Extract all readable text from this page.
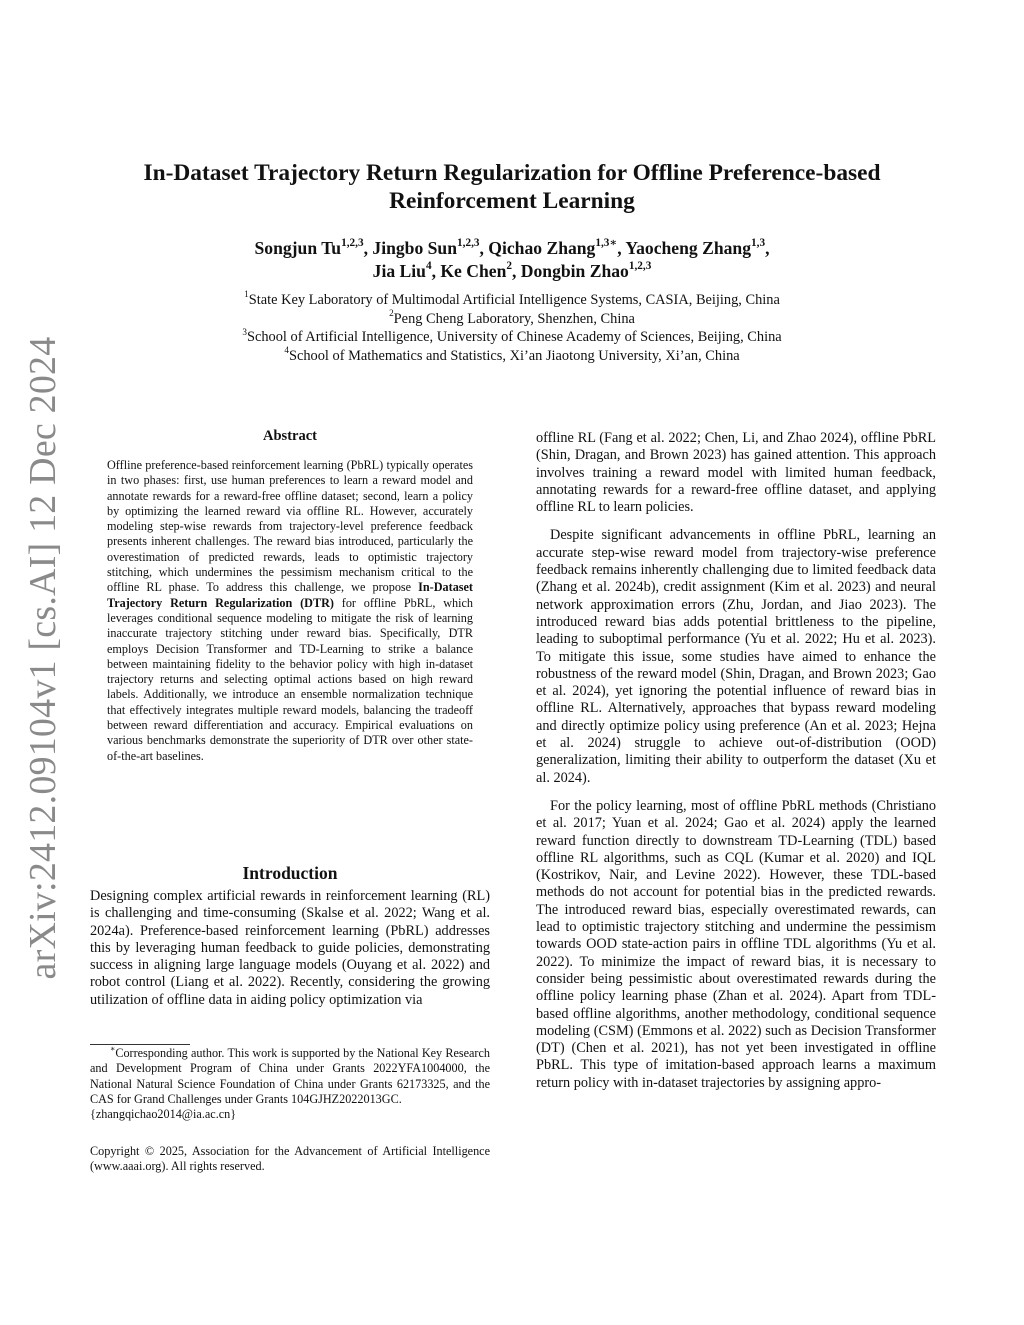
arXiv:2412.09104v1 [cs.AI] 12 Dec 2024
In-Dataset Trajectory Return Regularization for Offline Preference-based
Reinforcement Learning
Songjun Tu$^{1,2,3}$, Jingbo Sun$^{1,2,3}$, Qichao Zhang$^{1,3∗}$, Yaocheng Zhang$^{1,3}$,
Jia Liu$^4$, Ke Chen$^2$, Dongbin Zhao$^{1,2,3}$
$^1$State Key Laboratory of Multimodal Artificial Intelligence Systems, CASIA, Beijing, China
$^2$Peng Cheng Laboratory, Shenzhen, China
$^3$School of Artificial Intelligence, University of Chinese Academy of Sciences, Beijing, China
$^4$School of Mathematics and Statistics, Xi’an Jiaotong University, Xi’an, China
Abstract
Offline preference-based reinforcement learning (PbRL) typically operates in two phases: first, use human preferences to learn a reward model and annotate rewards for a reward-free offline dataset; second, learn a policy by optimizing the learned reward via offline RL. However, accurately modeling step-wise rewards from trajectory-level preference feedback presents inherent challenges. The reward bias introduced, particularly the overestimation of predicted rewards, leads to optimistic trajectory stitching, which undermines the pessimism mechanism critical to the offline RL phase. To address this challenge, we propose In-Dataset Trajectory Return Regularization (DTR) for offline PbRL, which leverages conditional sequence modeling to mitigate the risk of learning inaccurate trajectory stitching under reward bias. Specifically, DTR employs Decision Transformer and TD-Learning to strike a balance between maintaining fidelity to the behavior policy with high in-dataset trajectory returns and selecting optimal actions based on high reward labels. Additionally, we introduce an ensemble normalization technique that effectively integrates multiple reward models, balancing the tradeoff between reward differentiation and accuracy. Empirical evaluations on various benchmarks demonstrate the superiority of DTR over other state-of-the-art baselines.
Introduction
Designing complex artificial rewards in reinforcement learning (RL) is challenging and time-consuming (Skalse et al. 2022; Wang et al. 2024a). Preference-based reinforcement learning (PbRL) addresses this by leveraging human feedback to guide policies, demonstrating success in aligning large language models (Ouyang et al. 2022) and robot control (Liang et al. 2022). Recently, considering the growing utilization of offline data in aiding policy optimization via

∗Corresponding author. This work is supported by the National Key Research and Development Program of China under Grants 2022YFA1004000, the National Natural Science Foundation of China under Grants 62173325, and the CAS for Grand Challenges under Grants 104GJHZ2022013GC.

{zhangqichao2014@ia.ac.cn}

Copyright © 2025, Association for the Advancement of Artificial Intelligence (www.aaai.org). All rights reserved.

offline RL (Fang et al. 2022; Chen, Li, and Zhao 2024), offline PbRL (Shin, Dragan, and Brown 2023) has gained attention. This approach involves training a reward model with limited human feedback, annotating rewards for a reward-free offline dataset, and applying offline RL to learn policies.

Despite significant advancements in offline PbRL, learning an accurate step-wise reward model from trajectory-wise preference feedback remains inherently challenging due to limited feedback data (Zhang et al. 2024b), credit assignment (Kim et al. 2023) and neural network approximation errors (Zhu, Jordan, and Jiao 2023). The introduced reward bias adds potential brittleness to the pipeline, leading to suboptimal performance (Yu et al. 2022; Hu et al. 2023). To mitigate this issue, some studies have aimed to enhance the robustness of the reward model (Shin, Dragan, and Brown 2023; Gao et al. 2024), yet ignoring the potential influence of reward bias in offline RL. Alternatively, approaches that bypass reward modeling and directly optimize policy using preference (An et al. 2023; Hejna et al. 2024) struggle to achieve out-of-distribution (OOD) generalization, limiting their ability to outperform the dataset (Xu et al. 2024).

For the policy learning, most of offline PbRL methods (Christiano et al. 2017; Yuan et al. 2024; Gao et al. 2024) apply the learned reward function directly to downstream TD-Learning (TDL) based offline RL algorithms, such as CQL (Kumar et al. 2020) and IQL (Kostrikov, Nair, and Levine 2022). However, these TDL-based methods do not account for potential bias in the predicted rewards. The introduced reward bias, especially overestimated rewards, can lead to optimistic trajectory stitching and undermine the pessimism towards OOD state-action pairs in offline TDL algorithms (Yu et al. 2022). To minimize the impact of reward bias, it is necessary to consider being pessimistic about overestimated rewards during the offline policy learning phase (Zhan et al. 2024). Apart from TDL-based offline algorithms, another methodology, conditional sequence modeling (CSM) (Emmons et al. 2022) such as Decision Transformer (DT) (Chen et al. 2021), has not yet been investigated in offline PbRL. This type of imitation-based approach learns a maximum return policy with in-dataset trajectories by assigning appro-
